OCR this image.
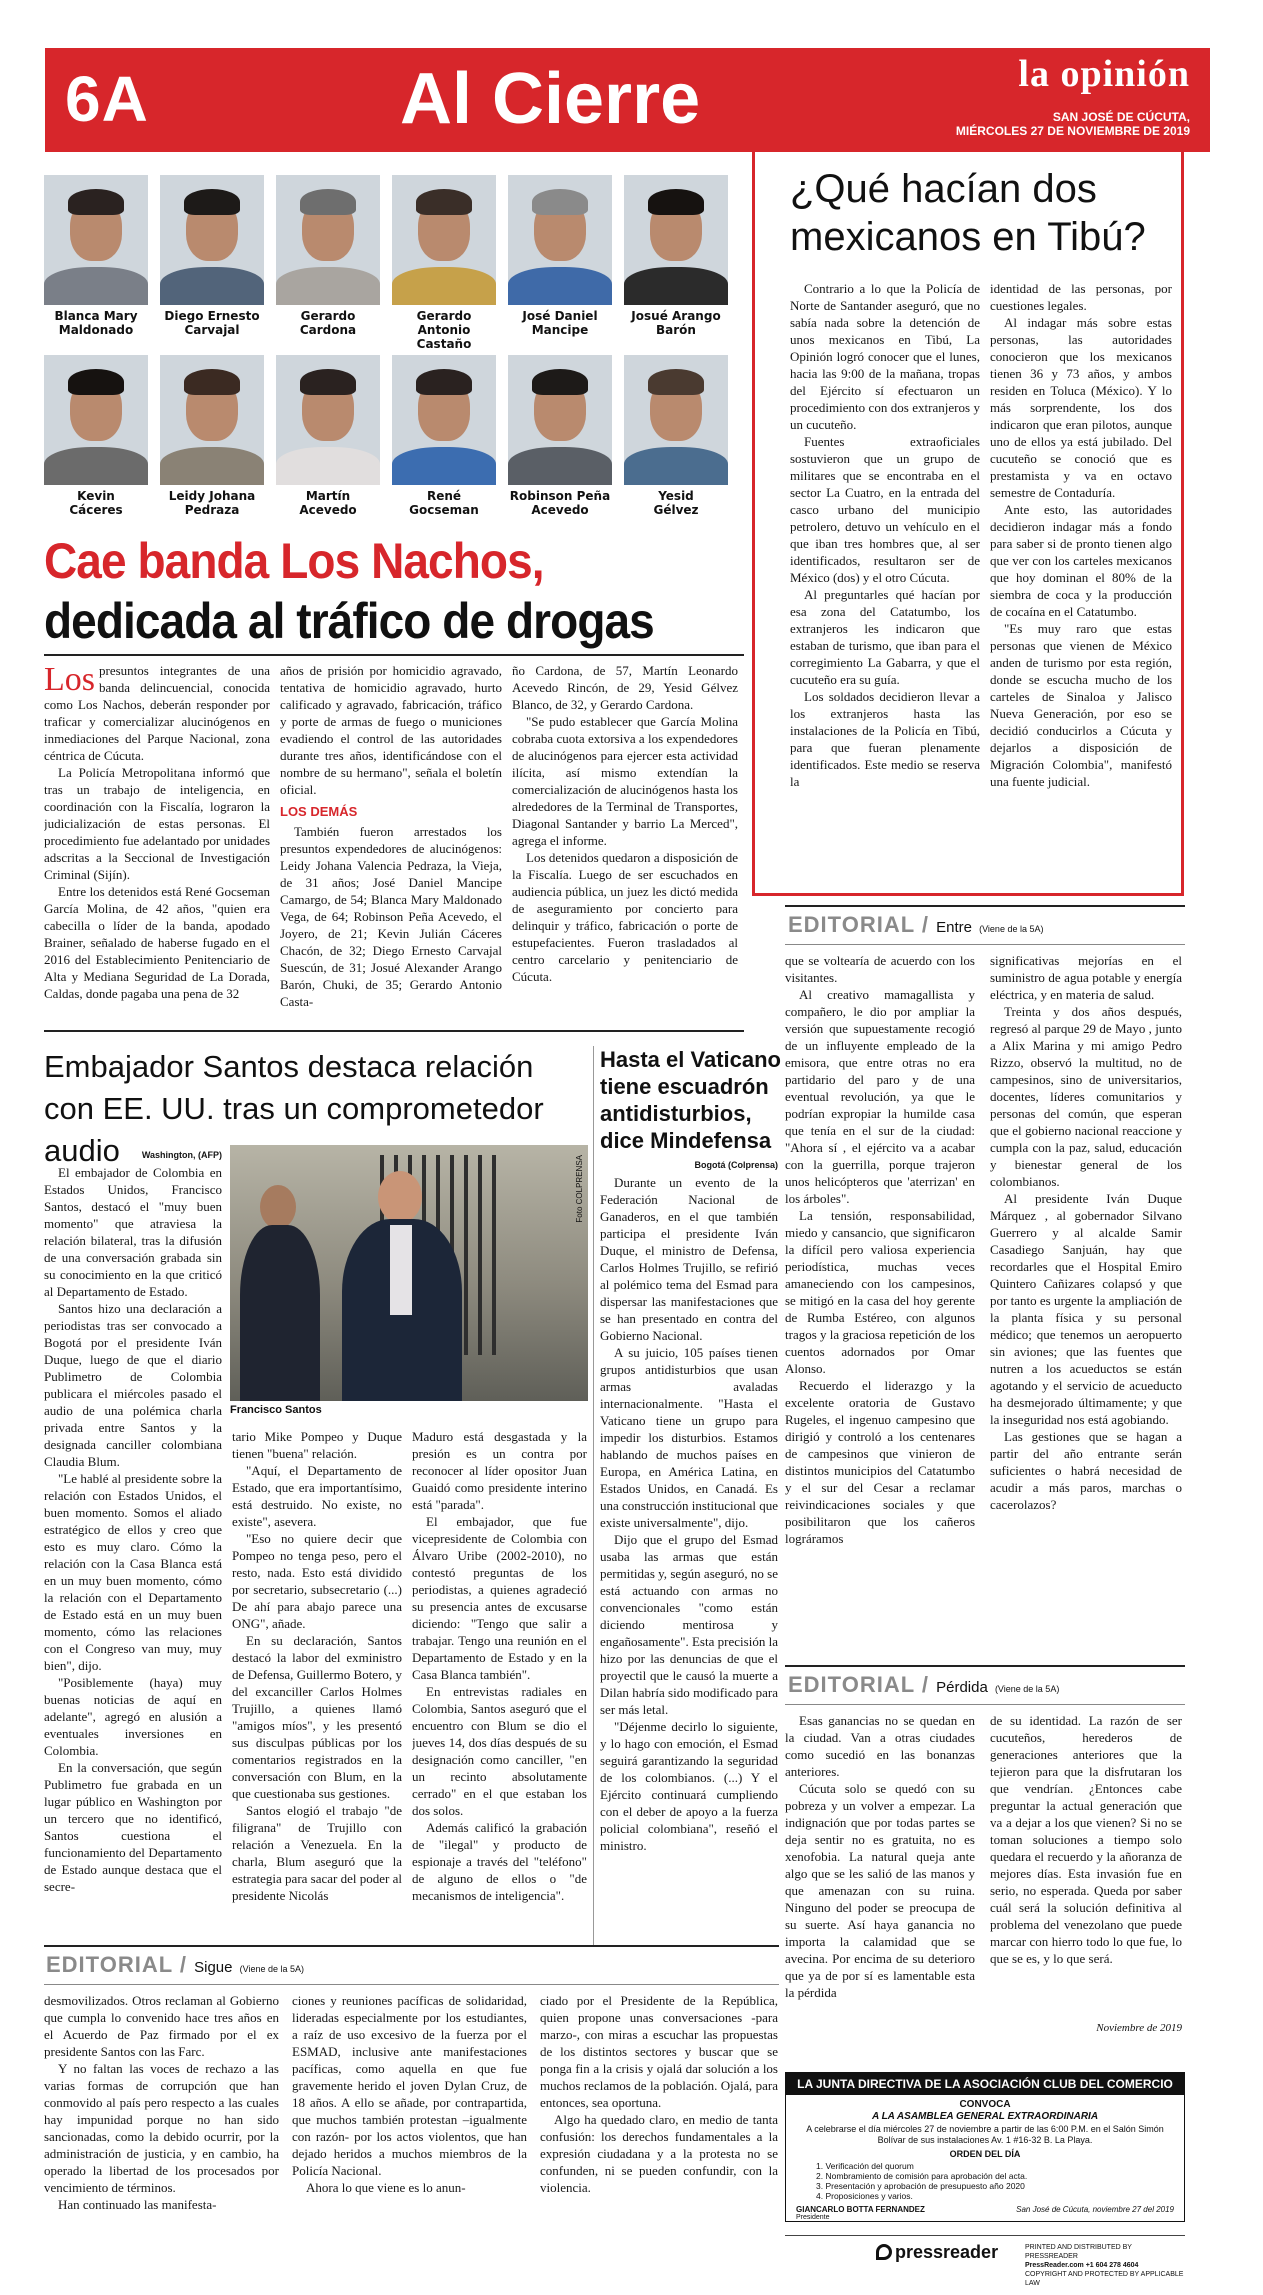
6A	Al Cierre	la opinión
SAN JOSÉ DE CÚCUTA,
MIÉRCOLES 27 DE NOVIEMBRE DE 2019
Blanca Mary
Maldonado
Diego Ernesto
Carvajal
Gerardo
Cardona
Gerardo Antonio
Castaño
José Daniel
Mancipe
Josué Arango
Barón
Kevin
Cáceres
Leidy Johana
Pedraza
Martín
Acevedo
René
Gocseman
Robinson Peña
Acevedo
Yesid
Gélvez
Cae banda Los Nachos,
dedicada al tráfico de drogas
Los presuntos integrantes de una banda delincuencial, conocida como Los Nachos, deberán responder por traficar y comercializar alucinógenos en inmediaciones del Parque Nacional, zona céntrica de Cúcuta.

La Policía Metropolitana informó que tras un trabajo de inteligencia, en coordinación con la Fiscalía, lograron la judicialización de estas personas. El procedimiento fue adelantado por unidades adscritas a la Seccional de Investigación Criminal (Sijín).

Entre los detenidos está René Gocseman García Molina, de 42 años, "quien era cabecilla o líder de la banda, apodado Brainer, señalado de haberse fugado en el 2016 del Establecimiento Penitenciario de Alta y Mediana Seguridad de La Dorada, Caldas, donde pagaba una pena de 32

años de prisión por homicidio agravado, tentativa de homicidio agravado, hurto calificado y agravado, fabricación, tráfico y porte de armas de fuego o municiones evadiendo el control de las autoridades durante tres años, identificándose con el nombre de su hermano", señala el boletín oficial.

LOS DEMÁS

También fueron arrestados los presuntos expendedores de alucinógenos: Leidy Johana Valencia Pedraza, la Vieja, de 31 años; José Daniel Mancipe Camargo, de 54; Blanca Mary Maldonado Vega, de 64; Robinson Peña Acevedo, el Joyero, de 21; Kevin Julián Cáceres Chacón, de 32; Diego Ernesto Carvajal Suescún, de 31; Josué Alexander Arango Barón, Chuki, de 35; Gerardo Antonio Casta-

ño Cardona, de 57, Martín Leonardo Acevedo Rincón, de 29, Yesid Gélvez Blanco, de 32, y Gerardo Cardona.

"Se pudo establecer que García Molina cobraba cuota extorsiva a los expendedores de alucinógenos para ejercer esta actividad ilícita, así mismo extendían la comercialización de alucinógenos hasta los alrededores de la Terminal de Transportes, Diagonal Santander y barrio La Merced", agrega el informe.

Los detenidos quedaron a disposición de la Fiscalía. Luego de ser escuchados en audiencia pública, un juez les dictó medida de aseguramiento por concierto para delinquir y tráfico, fabricación o porte de estupefacientes. Fueron trasladados al centro carcelario y penitenciario de Cúcuta.

¿Qué hacían dos mexicanos en Tibú?

Contrario a lo que la Policía de Norte de Santander aseguró, que no sabía nada sobre la detención de unos mexicanos en Tibú, La Opinión logró conocer que el lunes, hacia las 9:00 de la mañana, tropas del Ejército sí efectuaron un procedimiento con dos extranjeros y un cucuteño.

Fuentes extraoficiales sostuvieron que un grupo de militares que se encontraba en el sector La Cuatro, en la entrada del casco urbano del municipio petrolero, detuvo un vehículo en el que iban tres hombres que, al ser identificados, resultaron ser de México (dos) y el otro Cúcuta.

Al preguntarles qué hacían por esa zona del Catatumbo, los extranjeros les indicaron que estaban de turismo, que iban para el corregimiento La Gabarra, y que el cucuteño era su guía.

Los soldados decidieron llevar a los extranjeros hasta las instalaciones de la Policía en Tibú, para que fueran plenamente identificados. Este medio se reserva la

identidad de las personas, por cuestiones legales.

Al indagar más sobre estas personas, las autoridades conocieron que los mexicanos tienen 36 y 73 años, y ambos residen en Toluca (México). Y lo más sorprendente, los dos indicaron que eran pilotos, aunque uno de ellos ya está jubilado. Del cucuteño se conoció que es prestamista y va en octavo semestre de Contaduría.

Ante esto, las autoridades decidieron indagar más a fondo para saber si de pronto tienen algo que ver con los carteles mexicanos que hoy dominan el 80% de la siembra de coca y la producción de cocaína en el Catatumbo.

"Es muy raro que estas personas que vienen de México anden de turismo por esta región, donde se escucha mucho de los carteles de Sinaloa y Jalisco Nueva Generación, por eso se decidió conducirlos a Cúcuta y dejarlos a disposición de Migración Colombia", manifestó una fuente judicial.

EDITORIAL / Entre (Viene de la 5A)

que se voltearía de acuerdo con los visitantes.

Al creativo mamagallista y compañero, le dio por ampliar la versión que supuestamente recogió de un influyente empleado de la emisora, que entre otras no era partidario del paro y de una eventual revolución, ya que le podrían expropiar la humilde casa que tenía en el sur de la ciudad: "Ahora sí , el ejército va a acabar con la guerrilla, porque trajeron unos helicópteros que 'aterrizan' en los árboles".

La tensión, responsabilidad, miedo y cansancio, que significaron la difícil pero valiosa experiencia periodística, muchas veces amaneciendo con los campesinos, se mitigó en la casa del hoy gerente de Rumba Estéreo, con algunos tragos y la graciosa repetición de los cuentos adornados por Omar Alonso.

Recuerdo el liderazgo y la excelente oratoria de Gustavo Rugeles, el ingenuo campesino que dirigió y controló a los centenares de campesinos que vinieron de distintos municipios del Catatumbo y el sur del Cesar a reclamar reivindicaciones sociales y que posibilitaron que los cañeros lográramos

significativas mejorías en el suministro de agua potable y energía eléctrica, y en materia de salud.

Treinta y dos años después, regresó al parque 29 de Mayo , junto a Alix Marina y mi amigo Pedro Rizzo, observó la multitud, no de campesinos, sino de universitarios, docentes, líderes comunitarios y personas del común, que esperan que el gobierno nacional reaccione y cumpla con la paz, salud, educación y bienestar general de los colombianos.

Al presidente Iván Duque Márquez , al gobernador Silvano Guerrero y al alcalde Samir Casadiego Sanjuán, hay que recordarles que el Hospital Emiro Quintero Cañizares colapsó y que por tanto es urgente la ampliación de la planta física y su personal médico; que tenemos un aeropuerto sin aviones; que las fuentes que nutren a los acueductos se están agotando y el servicio de acueducto ha desmejorado últimamente; y que la inseguridad nos está agobiando.

Las gestiones que se hagan a partir del año entrante serán suficientes o habrá necesidad de acudir a más paros, marchas o cacerolazos?

EDITORIAL / Pérdida (Viene de la 5A)

Esas ganancias no se quedan en la ciudad. Van a otras ciudades como sucedió en las bonanzas anteriores.

Cúcuta solo se quedó con su pobreza y un volver a empezar. La indignación que por todas partes se deja sentir no es gratuita, no es xenofobia. La natural queja ante algo que se les salió de las manos y que amenazan con su ruina. Ninguno del poder se preocupa de su suerte. Así haya ganancia no importa la calamidad que se avecina. Por encima de su deterioro que ya de por sí es lamentable esta la pérdida

de su identidad. La razón de ser cucuteños, herederos de generaciones anteriores que la tejieron para que la disfrutaran los que vendrían. ¿Entonces cabe preguntar la actual generación que va a dejar a los que vienen? Si no se toman soluciones a tiempo solo quedara el recuerdo y la añoranza de mejores días. Esta invasión fue en serio, no esperada. Queda por saber cuál será la solución definitiva al problema del venezolano que puede marcar con hierro todo lo que fue, lo que se es, y lo que será.

Noviembre de 2019
Embajador Santos destaca relación con EE. UU. tras un comprometedor audio
Hasta el Vaticano tiene escuadrón antidisturbios, dice Mindefensa
Washington, (AFP)

El embajador de Colombia en Estados Unidos, Francisco Santos, destacó el "muy buen momento" que atraviesa la relación bilateral, tras la difusión de una conversación grabada sin su conocimiento en la que criticó al Departamento de Estado.

Santos hizo una declaración a periodistas tras ser convocado a Bogotá por el presidente Iván Duque, luego de que el diario Publimetro de Colombia publicara el miércoles pasado el audio de una polémica charla privada entre Santos y la designada canciller colombiana Claudia Blum.

"Le hablé al presidente sobre la relación con Estados Unidos, el buen momento. Somos el aliado estratégico de ellos y creo que esto es muy claro. Cómo la relación con la Casa Blanca está en un muy buen momento, cómo la relación con el Departamento de Estado está en un muy buen momento, cómo las relaciones con el Congreso van muy, muy bien", dijo.

"Posiblemente (haya) muy buenas noticias de aquí en adelante", agregó en alusión a eventuales inversiones en Colombia.

En la conversación, que según Publimetro fue grabada en un lugar público en Washington por un tercero que no identificó, Santos cuestiona el funcionamiento del Departamento de Estado aunque destaca que el secre-

Foto COLPRENSA
Francisco Santos

tario Mike Pompeo y Duque tienen "buena" relación.

"Aquí, el Departamento de Estado, que era importantísimo, está destruido. No existe, no existe", asevera.

"Eso no quiere decir que Pompeo no tenga peso, pero el resto, nada. Esto está dividido por secretario, subsecretario (...) De ahí para abajo parece una ONG", añade.

En su declaración, Santos destacó la labor del exministro de Defensa, Guillermo Botero, y del excanciller Carlos Holmes Trujillo, a quienes llamó "amigos míos", y les presentó sus disculpas públicas por los comentarios registrados en la conversación con Blum, en la que cuestionaba sus gestiones.

Santos elogió el trabajo "de filigrana" de Trujillo con relación a Venezuela. En la charla, Blum aseguró que la estrategia para sacar del poder al presidente Nicolás

Maduro está desgastada y la presión es un contra por reconocer al líder opositor Juan Guaidó como presidente interino está "parada".

El embajador, que fue vicepresidente de Colombia con Álvaro Uribe (2002-2010), no contestó preguntas de los periodistas, a quienes agradeció su presencia antes de excusarse diciendo: "Tengo que salir a trabajar. Tengo una reunión en el Departamento de Estado y en la Casa Blanca también".

En entrevistas radiales en Colombia, Santos aseguró que el encuentro con Blum se dio el jueves 14, dos días después de su designación como canciller, "en un recinto absolutamente cerrado" en el que estaban los dos solos.

Además calificó la grabación de "ilegal" y producto de espionaje a través del "teléfono" de alguno de ellos o "de mecanismos de inteligencia".

Bogotá (Colprensa)

Durante un evento de la Federación Nacional de Ganaderos, en el que también participa el presidente Iván Duque, el ministro de Defensa, Carlos Holmes Trujillo, se refirió al polémico tema del Esmad para dispersar las manifestaciones que se han presentado en contra del Gobierno Nacional.

A su juicio, 105 países tienen grupos antidisturbios que usan armas avaladas internacionalmente. "Hasta el Vaticano tiene un grupo para impedir los disturbios. Estamos hablando de muchos países en Europa, en América Latina, en Estados Unidos, en Canadá. Es una construcción institucional que existe universalmente", dijo.

Dijo que el grupo del Esmad usaba las armas que están permitidas y, según aseguró, no se está actuando con armas no convencionales "como están diciendo mentirosa y engañosamente". Esta precisión la hizo por las denuncias de que el proyectil que le causó la muerte a Dilan habría sido modificado para ser más letal.

"Déjenme decirlo lo siguiente, y lo hago con emoción, el Esmad seguirá garantizando la seguridad de los colombianos. (...) Y el Ejército continuará cumpliendo con el deber de apoyo a la fuerza policial colombiana", reseñó el ministro.

EDITORIAL / Sigue (Viene de la 5A)

desmovilizados. Otros reclaman al Gobierno que cumpla lo convenido hace tres años en el Acuerdo de Paz firmado por el ex presidente Santos con las Farc.

Y no faltan las voces de rechazo a las varias formas de corrupción que han conmovido al país pero respecto a las cuales hay impunidad porque no han sido sancionadas, como la debido ocurrir, por la administración de justicia, y en cambio, ha operado la libertad de los procesados por vencimiento de términos.

Han continuado las manifesta-

ciones y reuniones pacíficas de solidaridad, lideradas especialmente por los estudiantes, a raíz de uso excesivo de la fuerza por el ESMAD, inclusive ante manifestaciones pacíficas, como aquella en que fue gravemente herido el joven Dylan Cruz, de 18 años. A ello se añade, por contrapartida, que muchos también protestan –igualmente con razón- por los actos violentos, que han dejado heridos a muchos miembros de la Policía Nacional.

Ahora lo que viene es lo anun-

ciado por el Presidente de la República, quien propone unas conversaciones -para marzo-, con miras a escuchar las propuestas de los distintos sectores y buscar que se ponga fin a la crisis y ojalá dar solución a los muchos reclamos de la población. Ojalá, para entonces, sea oportuna.

Algo ha quedado claro, en medio de tanta confusión: los derechos fundamentales a la expresión ciudadana y a la protesta no se confunden, ni se pueden confundir, con la violencia.

LA JUNTA DIRECTIVA DE LA ASOCIACIÓN CLUB DEL COMERCIO
CONVOCA
A LA ASAMBLEA GENERAL EXTRAORDINARIA
A celebrarse el día miércoles 27 de noviembre a partir de las 6:00 P.M. en el Salón Simón Bolívar de sus instalaciones Av. 1 #16-32 B. La Playa.
ORDEN DEL DÍA
1. Verificación del quorum
2. Nombramiento de comisión para aprobación del acta.
3. Presentación y aprobación de presupuesto año 2020
4. Proposiciones y varios.
GIANCARLO BOTTA FERNANDEZ
Presidente
San José de Cúcuta, noviembre 27 del 2019
pressreader	PRINTED AND DISTRIBUTED BY PRESSREADER
PressReader.com +1 604 278 4604
COPYRIGHT AND PROTECTED BY APPLICABLE LAW
